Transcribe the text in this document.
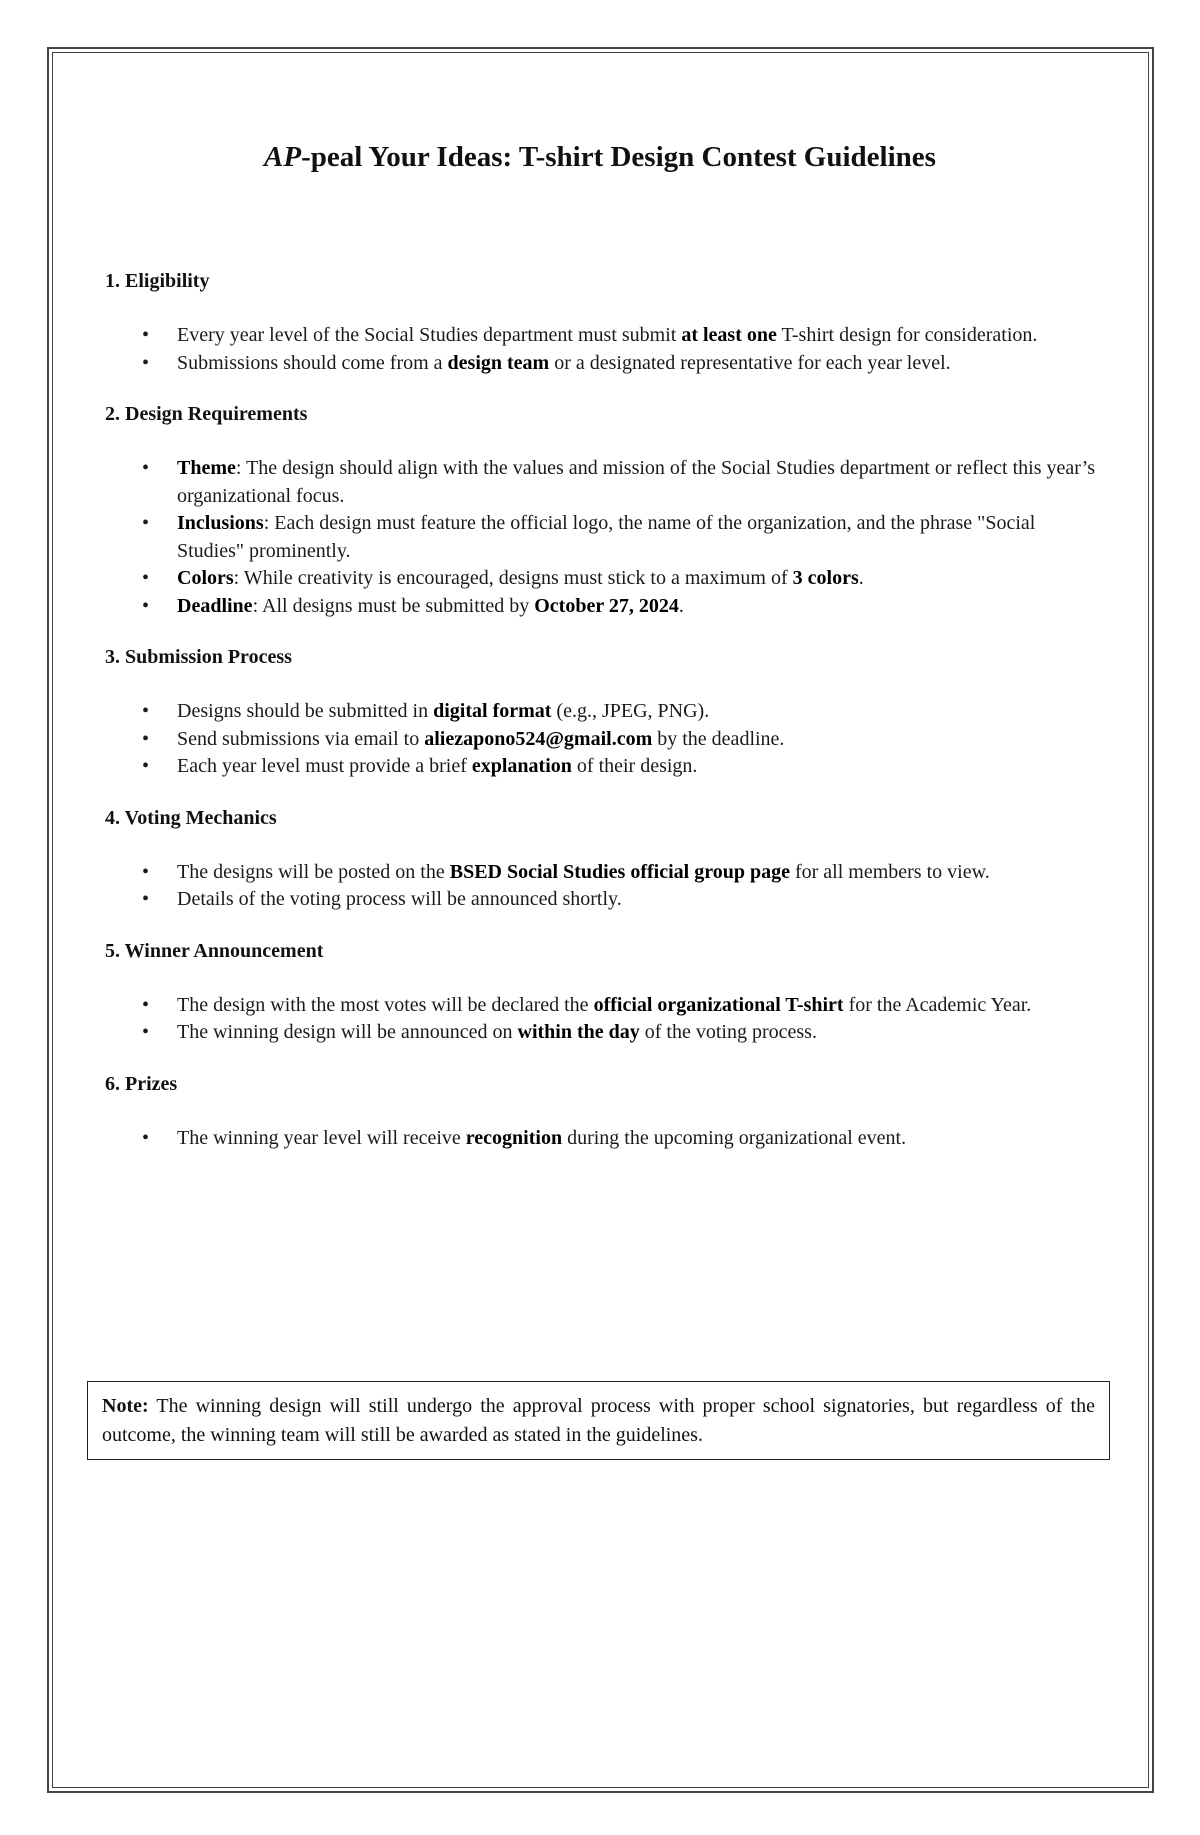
AP-peal Your Ideas: T-shirt Design Contest Guidelines
1. Eligibility
• Every year level of the Social Studies department must submit at least one T-shirt design for consideration.
• Submissions should come from a design team or a designated representative for each year level.
2. Design Requirements
• Theme: The design should align with the values and mission of the Social Studies department or reflect this year’s organizational focus.
• Inclusions: Each design must feature the official logo, the name of the organization, and the phrase "Social Studies" prominently.
• Colors: While creativity is encouraged, designs must stick to a maximum of 3 colors.
• Deadline: All designs must be submitted by October 27, 2024.
3. Submission Process
• Designs should be submitted in digital format (e.g., JPEG, PNG).
• Send submissions via email to aliezapono524@gmail.com by the deadline.
• Each year level must provide a brief explanation of their design.
4. Voting Mechanics
• The designs will be posted on the BSED Social Studies official group page for all members to view.
• Details of the voting process will be announced shortly.
5. Winner Announcement
• The design with the most votes will be declared the official organizational T-shirt for the Academic Year.
• The winning design will be announced on within the day of the voting process.
6. Prizes
• The winning year level will receive recognition during the upcoming organizational event.
Note: The winning design will still undergo the approval process with proper school signatories, but regardless of the outcome, the winning team will still be awarded as stated in the guidelines.
